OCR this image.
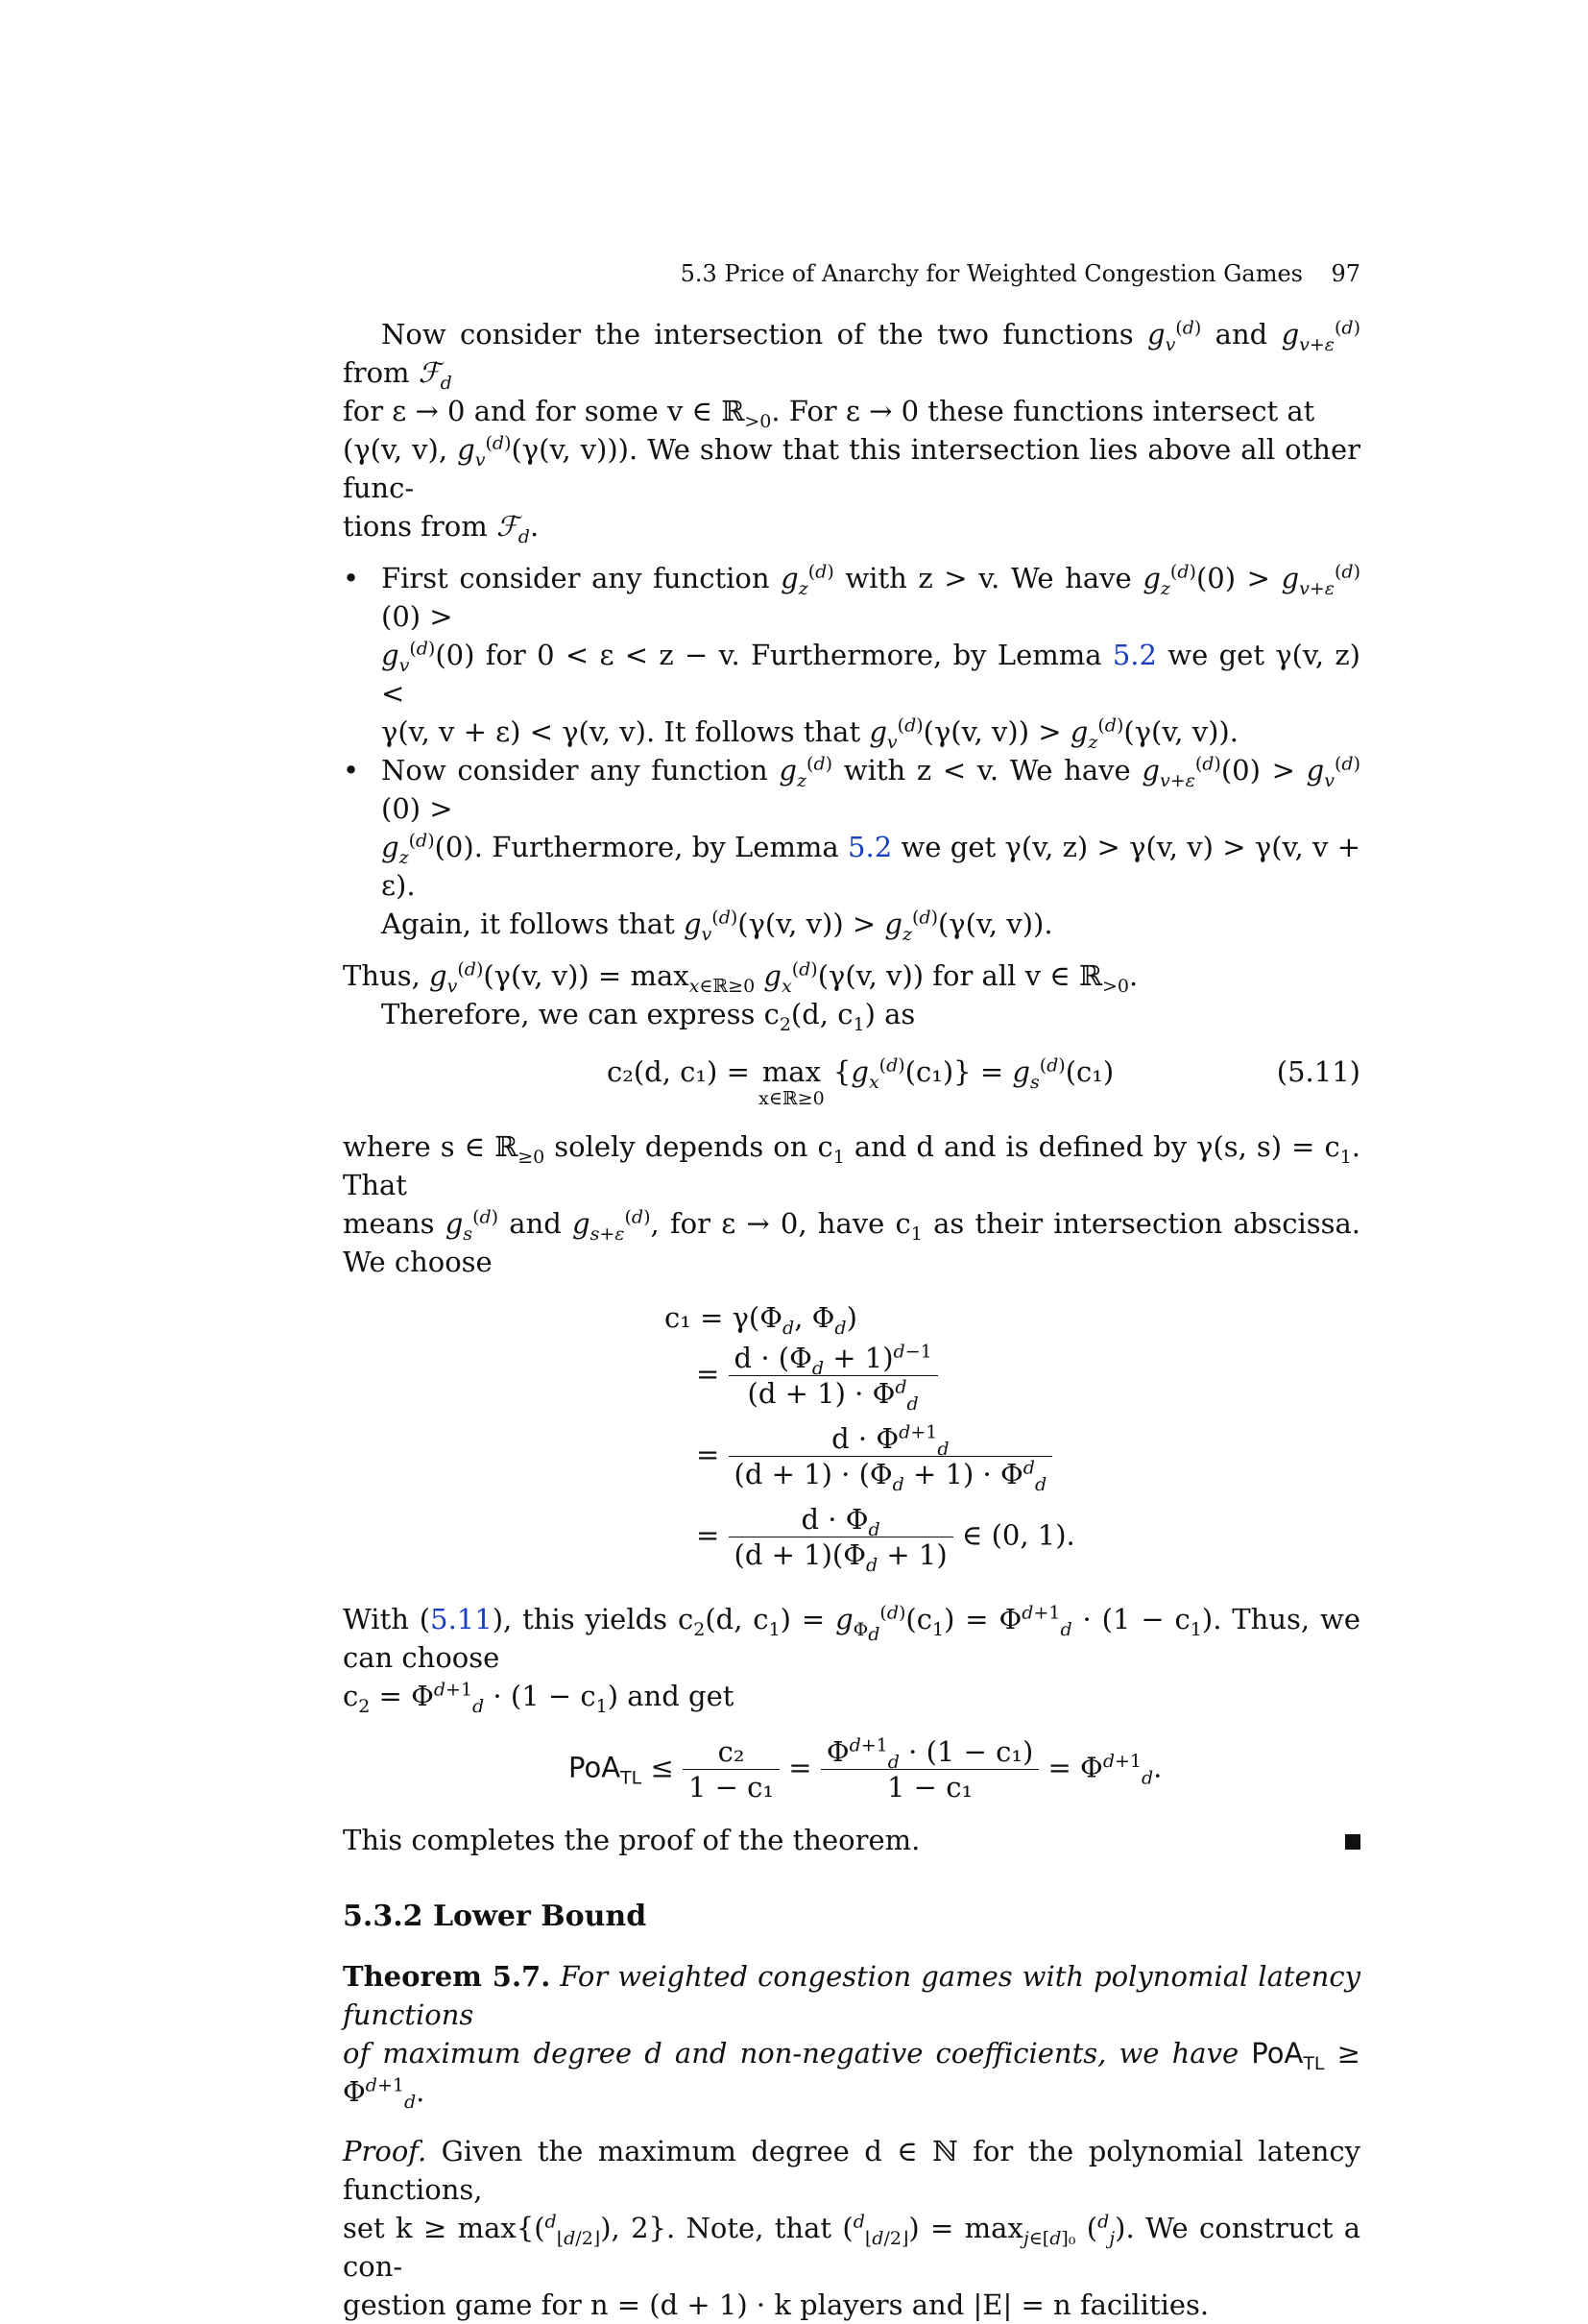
5.3 Price of Anarchy for Weighted Congestion Games 97

Now consider the intersection of the two functions $g_v^{(d)}$ and $g_{v+\varepsilon}^{(d)}$ from ℱ$_d$
for ε → 0 and for some v ∈ ℝ$_{>0}$. For ε → 0 these functions intersect at
(γ(v, v), $g_v^{(d)}(\gamma(v$, v))). We show that this intersection lies above all other func-
tions from ℱ$_d$.

• First consider any function $g_z^{(d)}$ with z > v. We have $g_z^{(d)}(0) > g_{v+\varepsilon}^{(d)}(0)$ >
$g_v^{(d)}(0)$ for 0 < ε < z − v. Furthermore, by Lemma 5.2 we get γ(v, z) <
γ(v, v + ε) < γ(v, v). It follows that $g_v^{(d)}(\gamma(v$, $v)) > g_z^{(d)}(\gamma(v$, v)).

• Now consider any function $g_z^{(d)}$ with z < v. We have $g_{v+\varepsilon}^{(d)}(0) > g_v^{(d)}(0)$ >
$g_z^{(d)}(0)$. Furthermore, by Lemma 5.2 we get γ(v, z) > γ(v, v) > γ(v, v + ε).
Again, it follows that $g_v^{(d)}(\gamma(v$, $v)) > g_z^{(d)}(\gamma(v$, v)).

Thus, $g_v^{(d)}(\gamma(v$, $v)) = \max_{x\in ℝ\ge 0} g_x^{(d)}(\gamma(v$, v)) for all v ∈ ℝ$_{>0}$.

Therefore, we can express $c_2(d$, $c_1$) as

c₂(d, c₁) = max

x∈ℝ≥0
$\{g_x^{(d)}(c_1)\} = g_s^{(d)}(c_1)$	(5.11)

where s ∈ ℝ$_{\ge 0}$ solely depends on $c_1$ and d and is defined by γ(s, $s) = c_1$. That
means $g_s^{(d)}$ and $g_{s+\varepsilon}^{(d)}$, for ε → 0, have $c_1$ as their intersection abscissa. We choose

$c_1 = \gamma(\Phi_d$, $\Phi_d$)
= $\frac{d \cdot (\Phi_d + 1)^{d-1}}{(d + 1) \cdot \Phi^d_d}$
= $\frac{d \cdot \Phi^{d+1}_d}{(d + 1) \cdot (\Phi_d + 1) \cdot \Phi^d_d}$
= $\frac{d \cdot \Phi_d}{(d + 1)(\Phi_d + 1)}$ ∈ (0, 1).

With (5.11), this yields $c_2(d$, $c_1) = g_{\Phi_d}^{(d)}(c_1) = \Phi^{d+1}_d \cdot (1 - c_1)$. Thus, we can choose
$c_2 = \Phi^{d+1}_d \cdot (1 - c_1)$ and get

$PoA_{TL} \le \frac{\text{c₂}}{\text{1 − c₁}} = \frac{\Phi^{d+1}_d \cdot (1 - c_1)}{\text{1 − c₁}} = \Phi^{d+1}_d$.

This completes the proof of the theorem.

5.3.2 Lower Bound

Theorem 5.7. For weighted congestion games with polynomial latency functions
of maximum degree d and non-negative coefficients, we have $PoA_{TL} \ge \Phi^{d+1}_d$.

Proof. Given the maximum degree d ∈ ℕ for the polynomial latency functions,
set k ≥ max{($^d_{⌊d/2⌋}$), 2}. Note, that $(^d_{⌊d/2⌋}) = \max_{j\in[d]_0} (^d_j)$. We construct a con-
gestion game for n = (d + 1) · k players and |E| = n facilities.
